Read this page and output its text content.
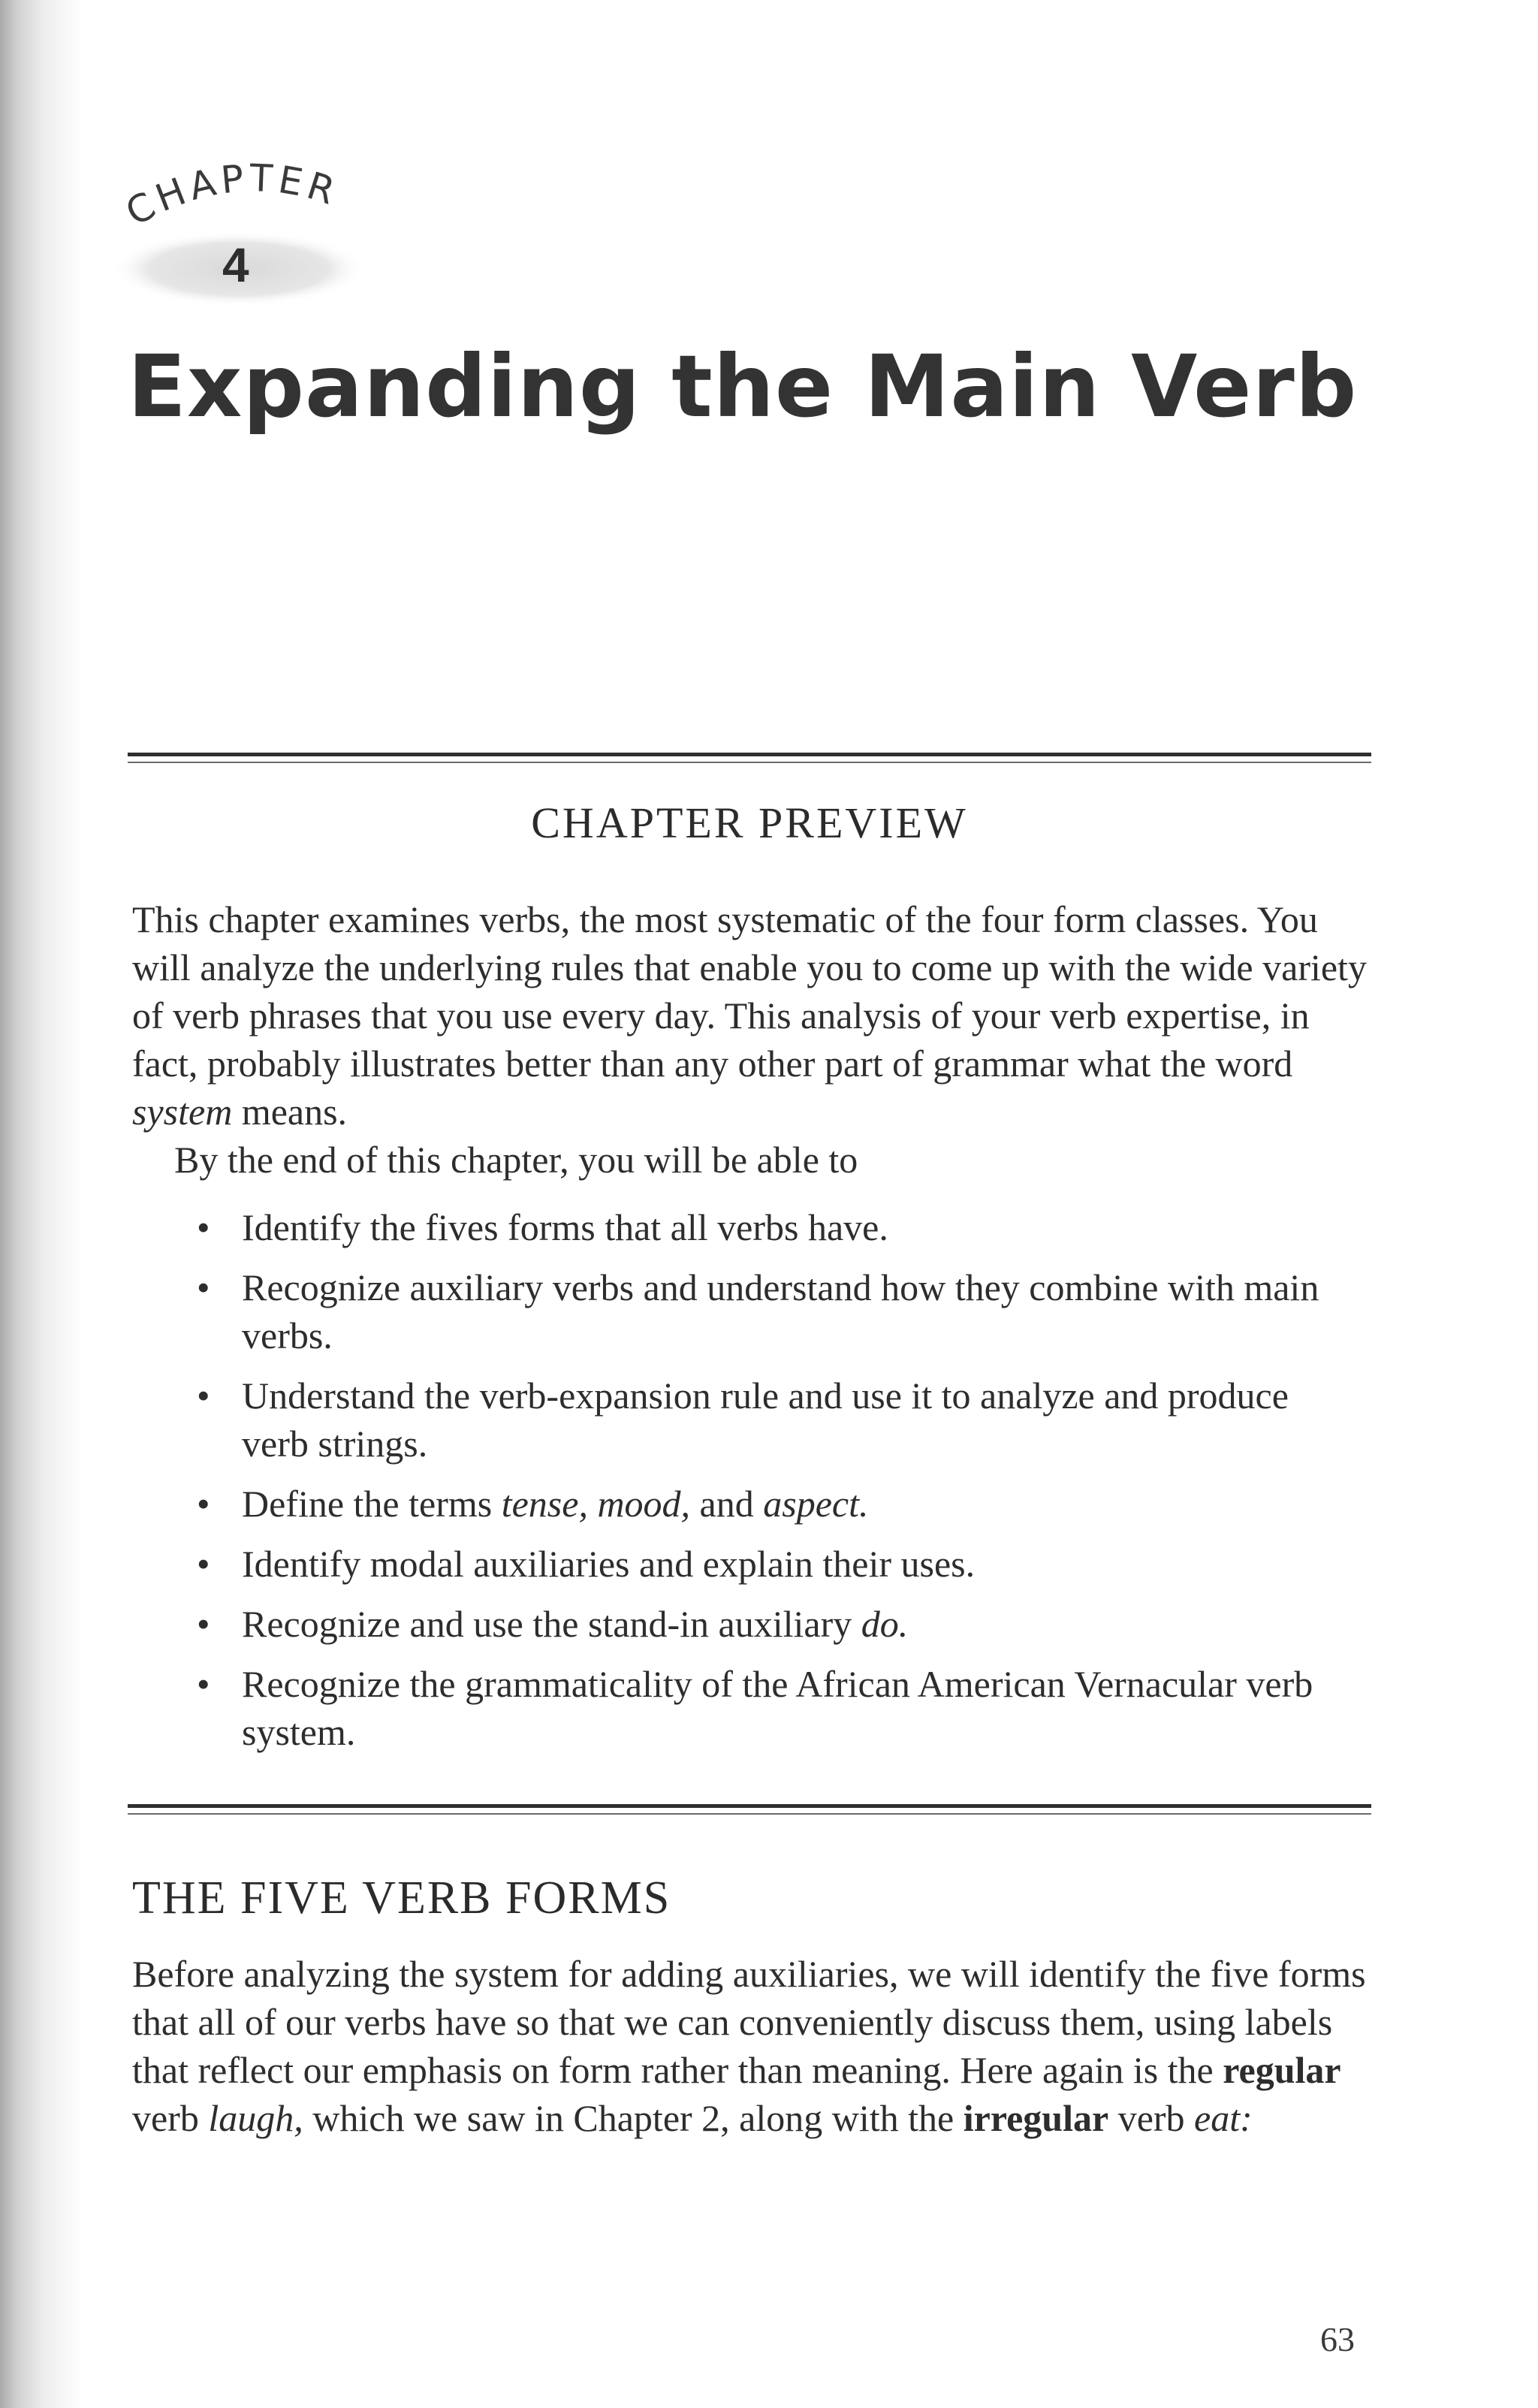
CHAPTER
4
Expanding the Main Verb
CHAPTER PREVIEW

This chapter examines verbs, the most systematic of the four form classes. You will analyze the underlying rules that enable you to come up with the wide variety of verb phrases that you use every day. This analysis of your verb expertise, in fact, probably illustrates better than any other part of grammar what the word system means.

By the end of this chapter, you will be able to

• Identify the fives forms that all verbs have.
• Recognize auxiliary verbs and understand how they combine with main verbs.
• Understand the verb-expansion rule and use it to analyze and produce verb strings.
• Define the terms tense, mood, and aspect.
• Identify modal auxiliaries and explain their uses.
• Recognize and use the stand-in auxiliary do.
• Recognize the grammaticality of the African American Vernacular verb system.
THE FIVE VERB FORMS

Before analyzing the system for adding auxiliaries, we will identify the five forms that all of our verbs have so that we can conveniently discuss them, using labels that reflect our emphasis on form rather than meaning. Here again is the regular verb laugh, which we saw in Chapter 2, along with the irregular verb eat:

63
